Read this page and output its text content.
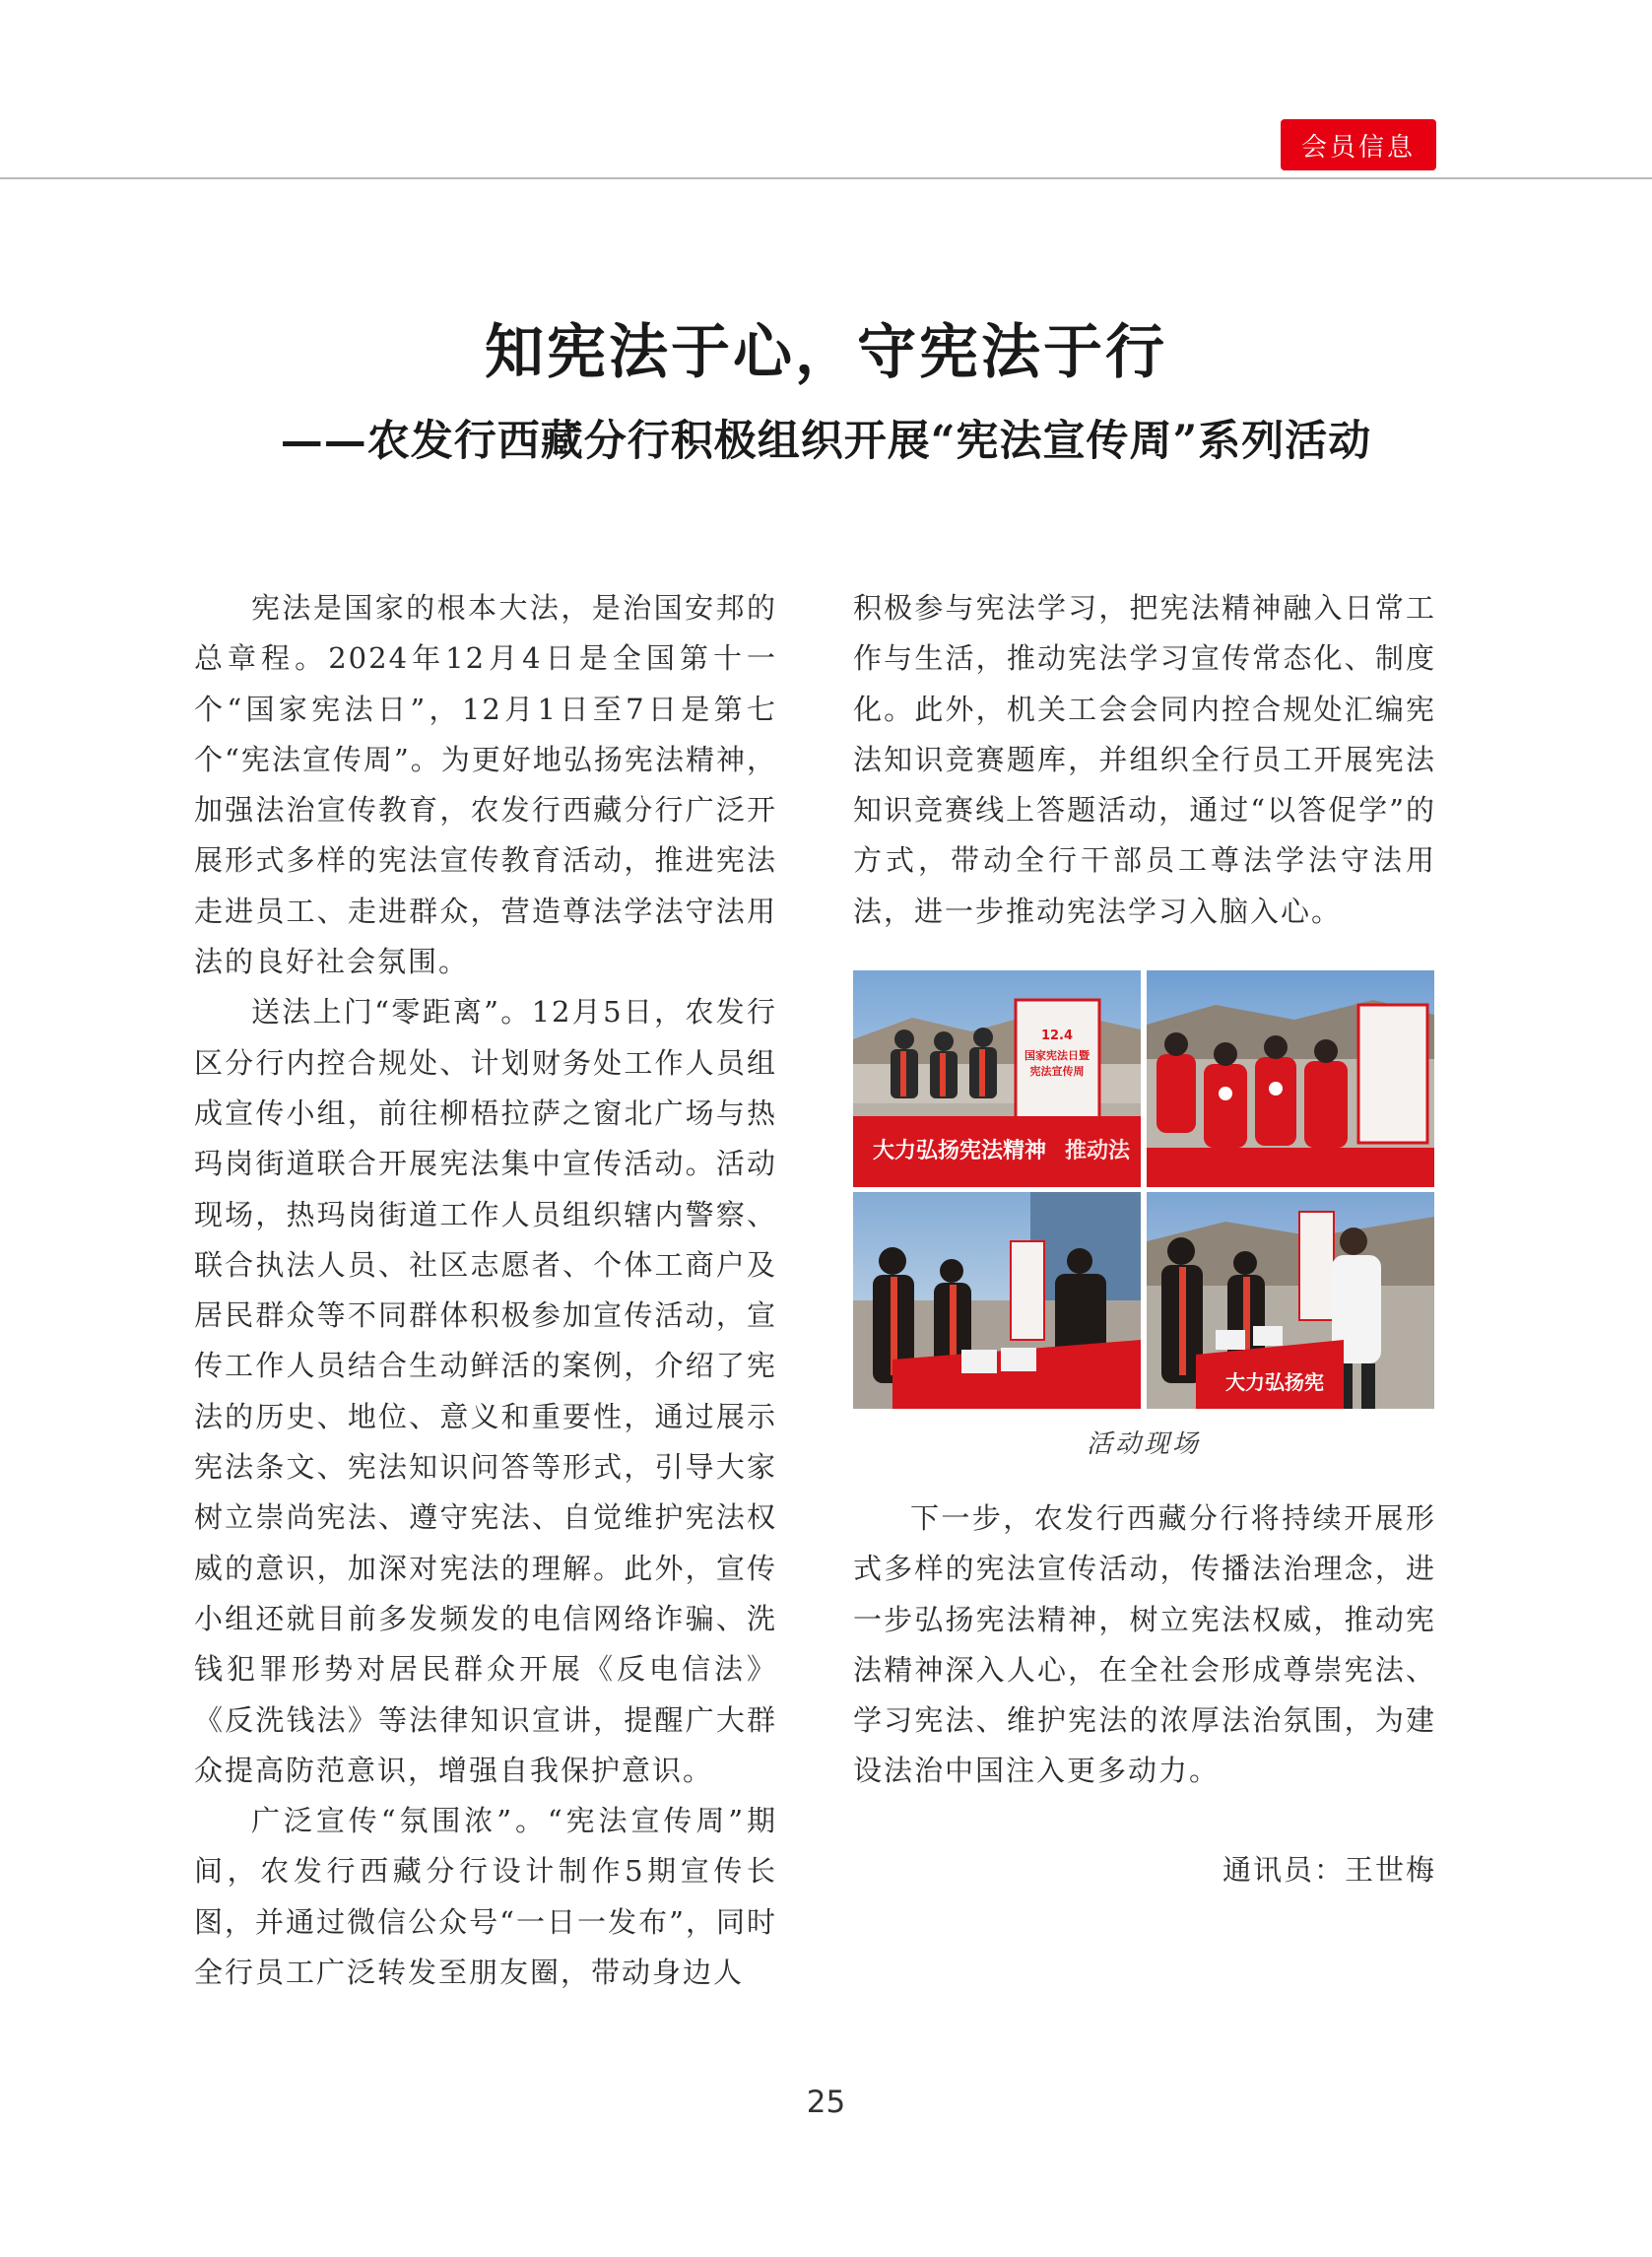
会员信息
知宪法于心，守宪法于行
——农发行西藏分行积极组织开展“宪法宣传周”系列活动

宪法是国家的根本大法，是治国安邦的总章程。2024年12月4日是全国第十一个“国家宪法日”，12月1日至7日是第七个“宪法宣传周”。为更好地弘扬宪法精神，加强法治宣传教育，农发行西藏分行广泛开展形式多样的宪法宣传教育活动，推进宪法走进员工、走进群众，营造尊法学法守法用法的良好社会氛围。

送法上门“零距离”。12月5日，农发行区分行内控合规处、计划财务处工作人员组成宣传小组，前往柳梧拉萨之窗北广场与热玛岗街道联合开展宪法集中宣传活动。活动现场，热玛岗街道工作人员组织辖内警察、联合执法人员、社区志愿者、个体工商户及居民群众等不同群体积极参加宣传活动，宣传工作人员结合生动鲜活的案例，介绍了宪法的历史、地位、意义和重要性，通过展示宪法条文、宪法知识问答等形式，引导大家树立崇尚宪法、遵守宪法、自觉维护宪法权威的意识，加深对宪法的理解。此外，宣传小组还就目前多发频发的电信网络诈骗、洗钱犯罪形势对居民群众开展《反电信法》《反洗钱法》等法律知识宣讲，提醒广大群众提高防范意识，增强自我保护意识。

广泛宣传“氛围浓”。“宪法宣传周”期间，农发行西藏分行设计制作5期宣传长图，并通过微信公众号“一日一发布”，同时全行员工广泛转发至朋友圈，带动身边人

积极参与宪法学习，把宪法精神融入日常工作与生活，推动宪法学习宣传常态化、制度化。此外，机关工会会同内控合规处汇编宪法知识竞赛题库，并组织全行员工开展宪法知识竞赛线上答题活动，通过“以答促学”的方式，带动全行干部员工尊法学法守法用法，进一步推动宪法学习入脑入心。

12.4
国家宪法日暨
宪法宣传周
大力弘扬宪法精神 推动法
大力弘扬宪
活动现场

下一步，农发行西藏分行将持续开展形式多样的宪法宣传活动，传播法治理念，进一步弘扬宪法精神，树立宪法权威，推动宪法精神深入人心，在全社会形成尊崇宪法、学习宪法、维护宪法的浓厚法治氛围，为建设法治中国注入更多动力。

通讯员：王世梅
25
